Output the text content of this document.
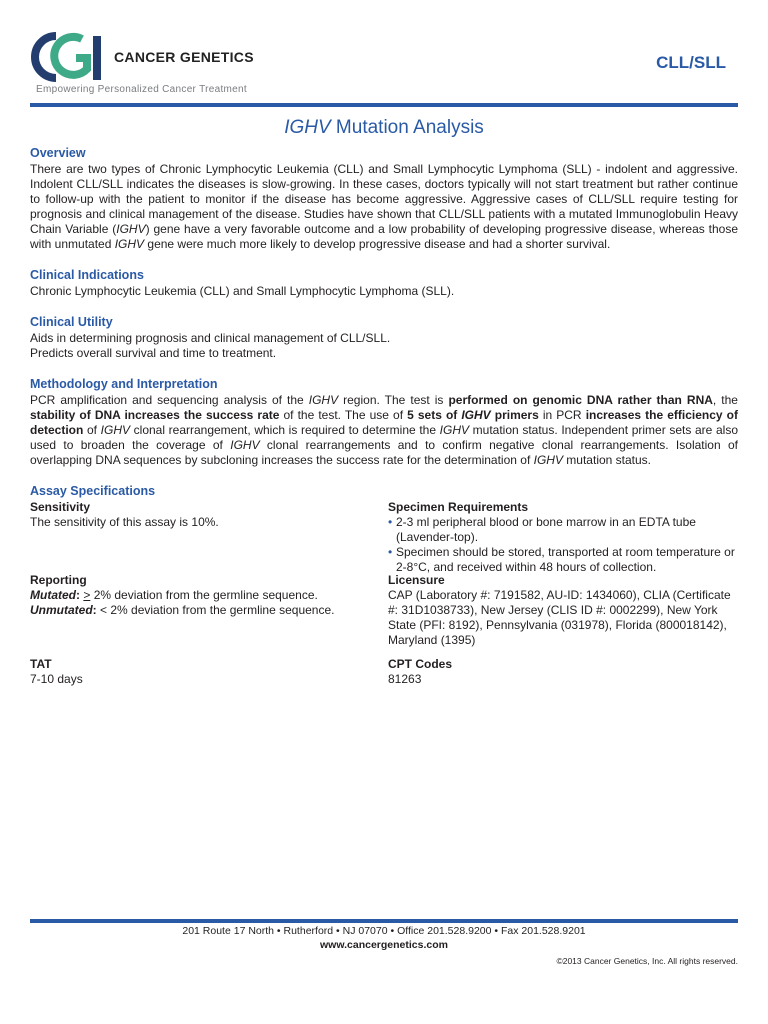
CANCER GENETICS
Empowering Personalized Cancer Treatment
CLL/SLL
IGHV Mutation Analysis
Overview

There are two types of Chronic Lymphocytic Leukemia (CLL) and Small Lymphocytic Lymphoma (SLL) - indolent and aggressive. Indolent CLL/SLL indicates the diseases is slow-growing. In these cases, doctors typically will not start treatment but rather continue to follow-up with the patient to monitor if the disease has become aggressive. Aggressive cases of CLL/SLL require testing for prognosis and clinical management of the disease. Studies have shown that CLL/SLL patients with a mutated Immunoglobulin Heavy Chain Variable (IGHV) gene have a very favorable outcome and a low probability of developing progressive disease, whereas those with unmutated IGHV gene were much more likely to develop progressive disease and had a shorter survival.

Clinical Indications

Chronic Lymphocytic Leukemia (CLL) and Small Lymphocytic Lymphoma (SLL).

Clinical Utility

Aids in determining prognosis and clinical management of CLL/SLL.

Predicts overall survival and time to treatment.

Methodology and Interpretation

PCR amplification and sequencing analysis of the IGHV region. The test is performed on genomic DNA rather than RNA, the stability of DNA increases the success rate of the test. The use of 5 sets of IGHV primers in PCR increases the efficiency of detection of IGHV clonal rearrangement, which is required to determine the IGHV mutation status. Independent primer sets are also used to broaden the coverage of IGHV clonal rearrangements and to confirm negative clonal rearrangements. Isolation of overlapping DNA sequences by subcloning increases the success rate for the determination of IGHV mutation status.

Assay Specifications
Sensitivity
The sensitivity of this assay is 10%.
Reporting
Mutated: > 2% deviation from the germline sequence.
Unmutated: < 2% deviation from the germline sequence.
TAT
7-10 days
Specimen Requirements
• 2-3 ml peripheral blood or bone marrow in an EDTA tube (Lavender-top).
• Specimen should be stored, transported at room temperature or 2-8°C, and received within 48 hours of collection.
Licensure
CAP (Laboratory #: 7191582, AU-ID: 1434060), CLIA (Certificate #: 31D1038733), New Jersey (CLIS ID #: 0002299), New York State (PFI: 8192), Pennsylvania (031978), Florida (800018142), Maryland (1395)
CPT Codes
81263
201 Route 17 North • Rutherford • NJ 07070 • Office 201.528.9200 • Fax 201.528.9201
www.cancergenetics.com
©2013 Cancer Genetics, Inc. All rights reserved.
